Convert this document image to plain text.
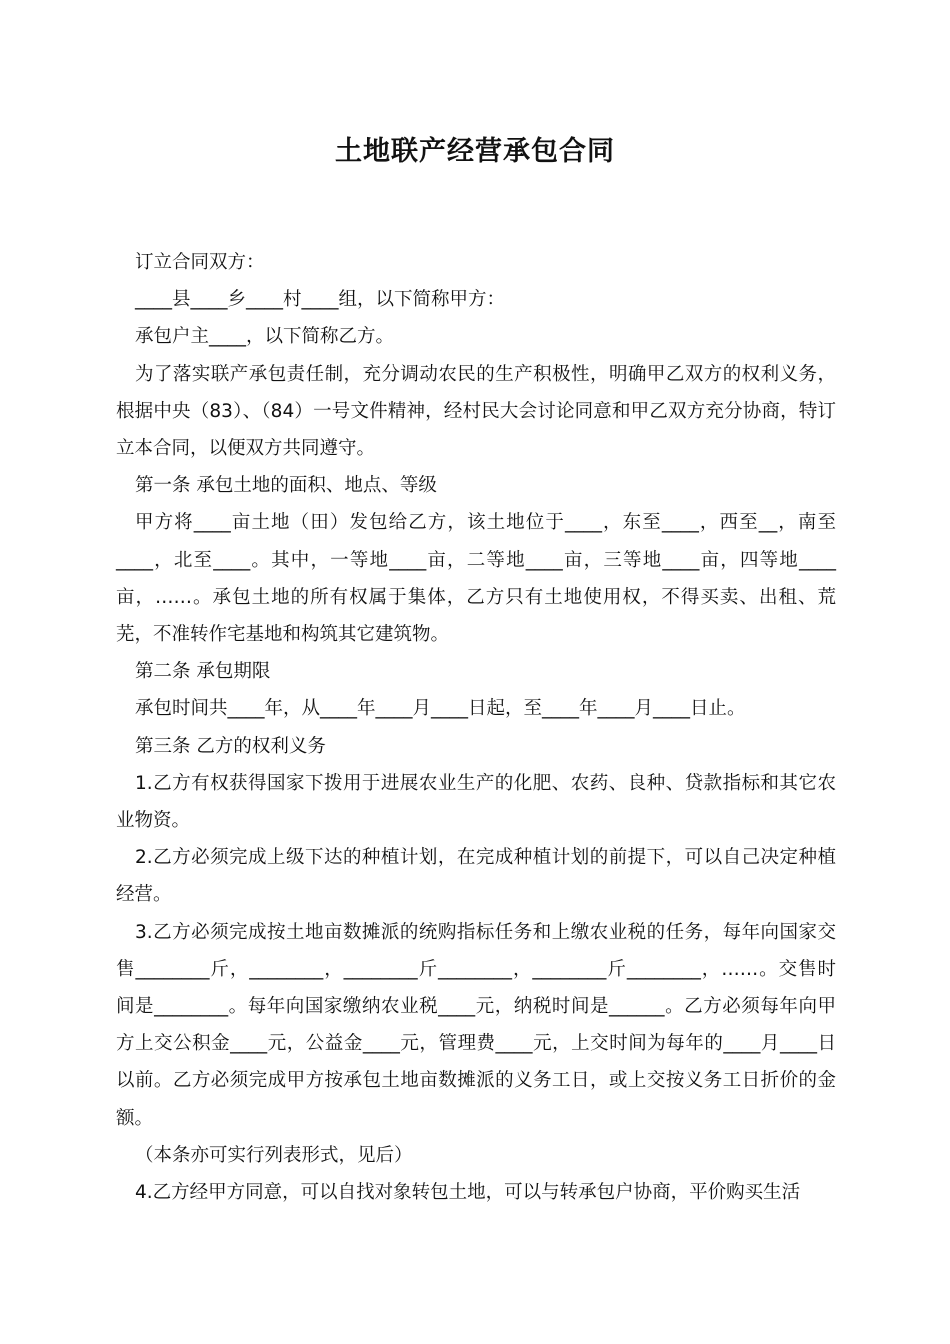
土地联产经营承包合同

订立合同双方：

____县____乡____村____组，以下简称甲方：

承包户主____，以下简称乙方。

为了落实联产承包责任制，充分调动农民的生产积极性，明确甲乙双方的权利义务，根据中央（83）、（84）一号文件精神，经村民大会讨论同意和甲乙双方充分协商，特订立本合同，以便双方共同遵守。

第一条 承包土地的面积、地点、等级

甲方将____亩土地（田）发包给乙方，该土地位于____，东至____，西至__，南至____，北至____。其中，一等地____亩，二等地____亩，三等地____亩，四等地____亩，……。承包土地的所有权属于集体，乙方只有土地使用权，不得买卖、出租、荒芜，不准转作宅基地和构筑其它建筑物。

第二条 承包期限

承包时间共____年，从____年____月____日起，至____年____月____日止。

第三条 乙方的权利义务

1.乙方有权获得国家下拨用于进展农业生产的化肥、农药、良种、贷款指标和其它农业物资。

2.乙方必须完成上级下达的种植计划，在完成种植计划的前提下，可以自己决定种植经营。

3.乙方必须完成按土地亩数摊派的统购指标任务和上缴农业税的任务，每年向国家交售________斤，________，________斤________，________斤________，……。交售时间是________。每年向国家缴纳农业税____元，纳税时间是______。乙方必须每年向甲方上交公积金____元，公益金____元，管理费____元，上交时间为每年的____月____日以前。乙方必须完成甲方按承包土地亩数摊派的义务工日，或上交按义务工日折价的金额。

（本条亦可实行列表形式，见后）

4.乙方经甲方同意，可以自找对象转包土地，可以与转承包户协商，平价购买生活
